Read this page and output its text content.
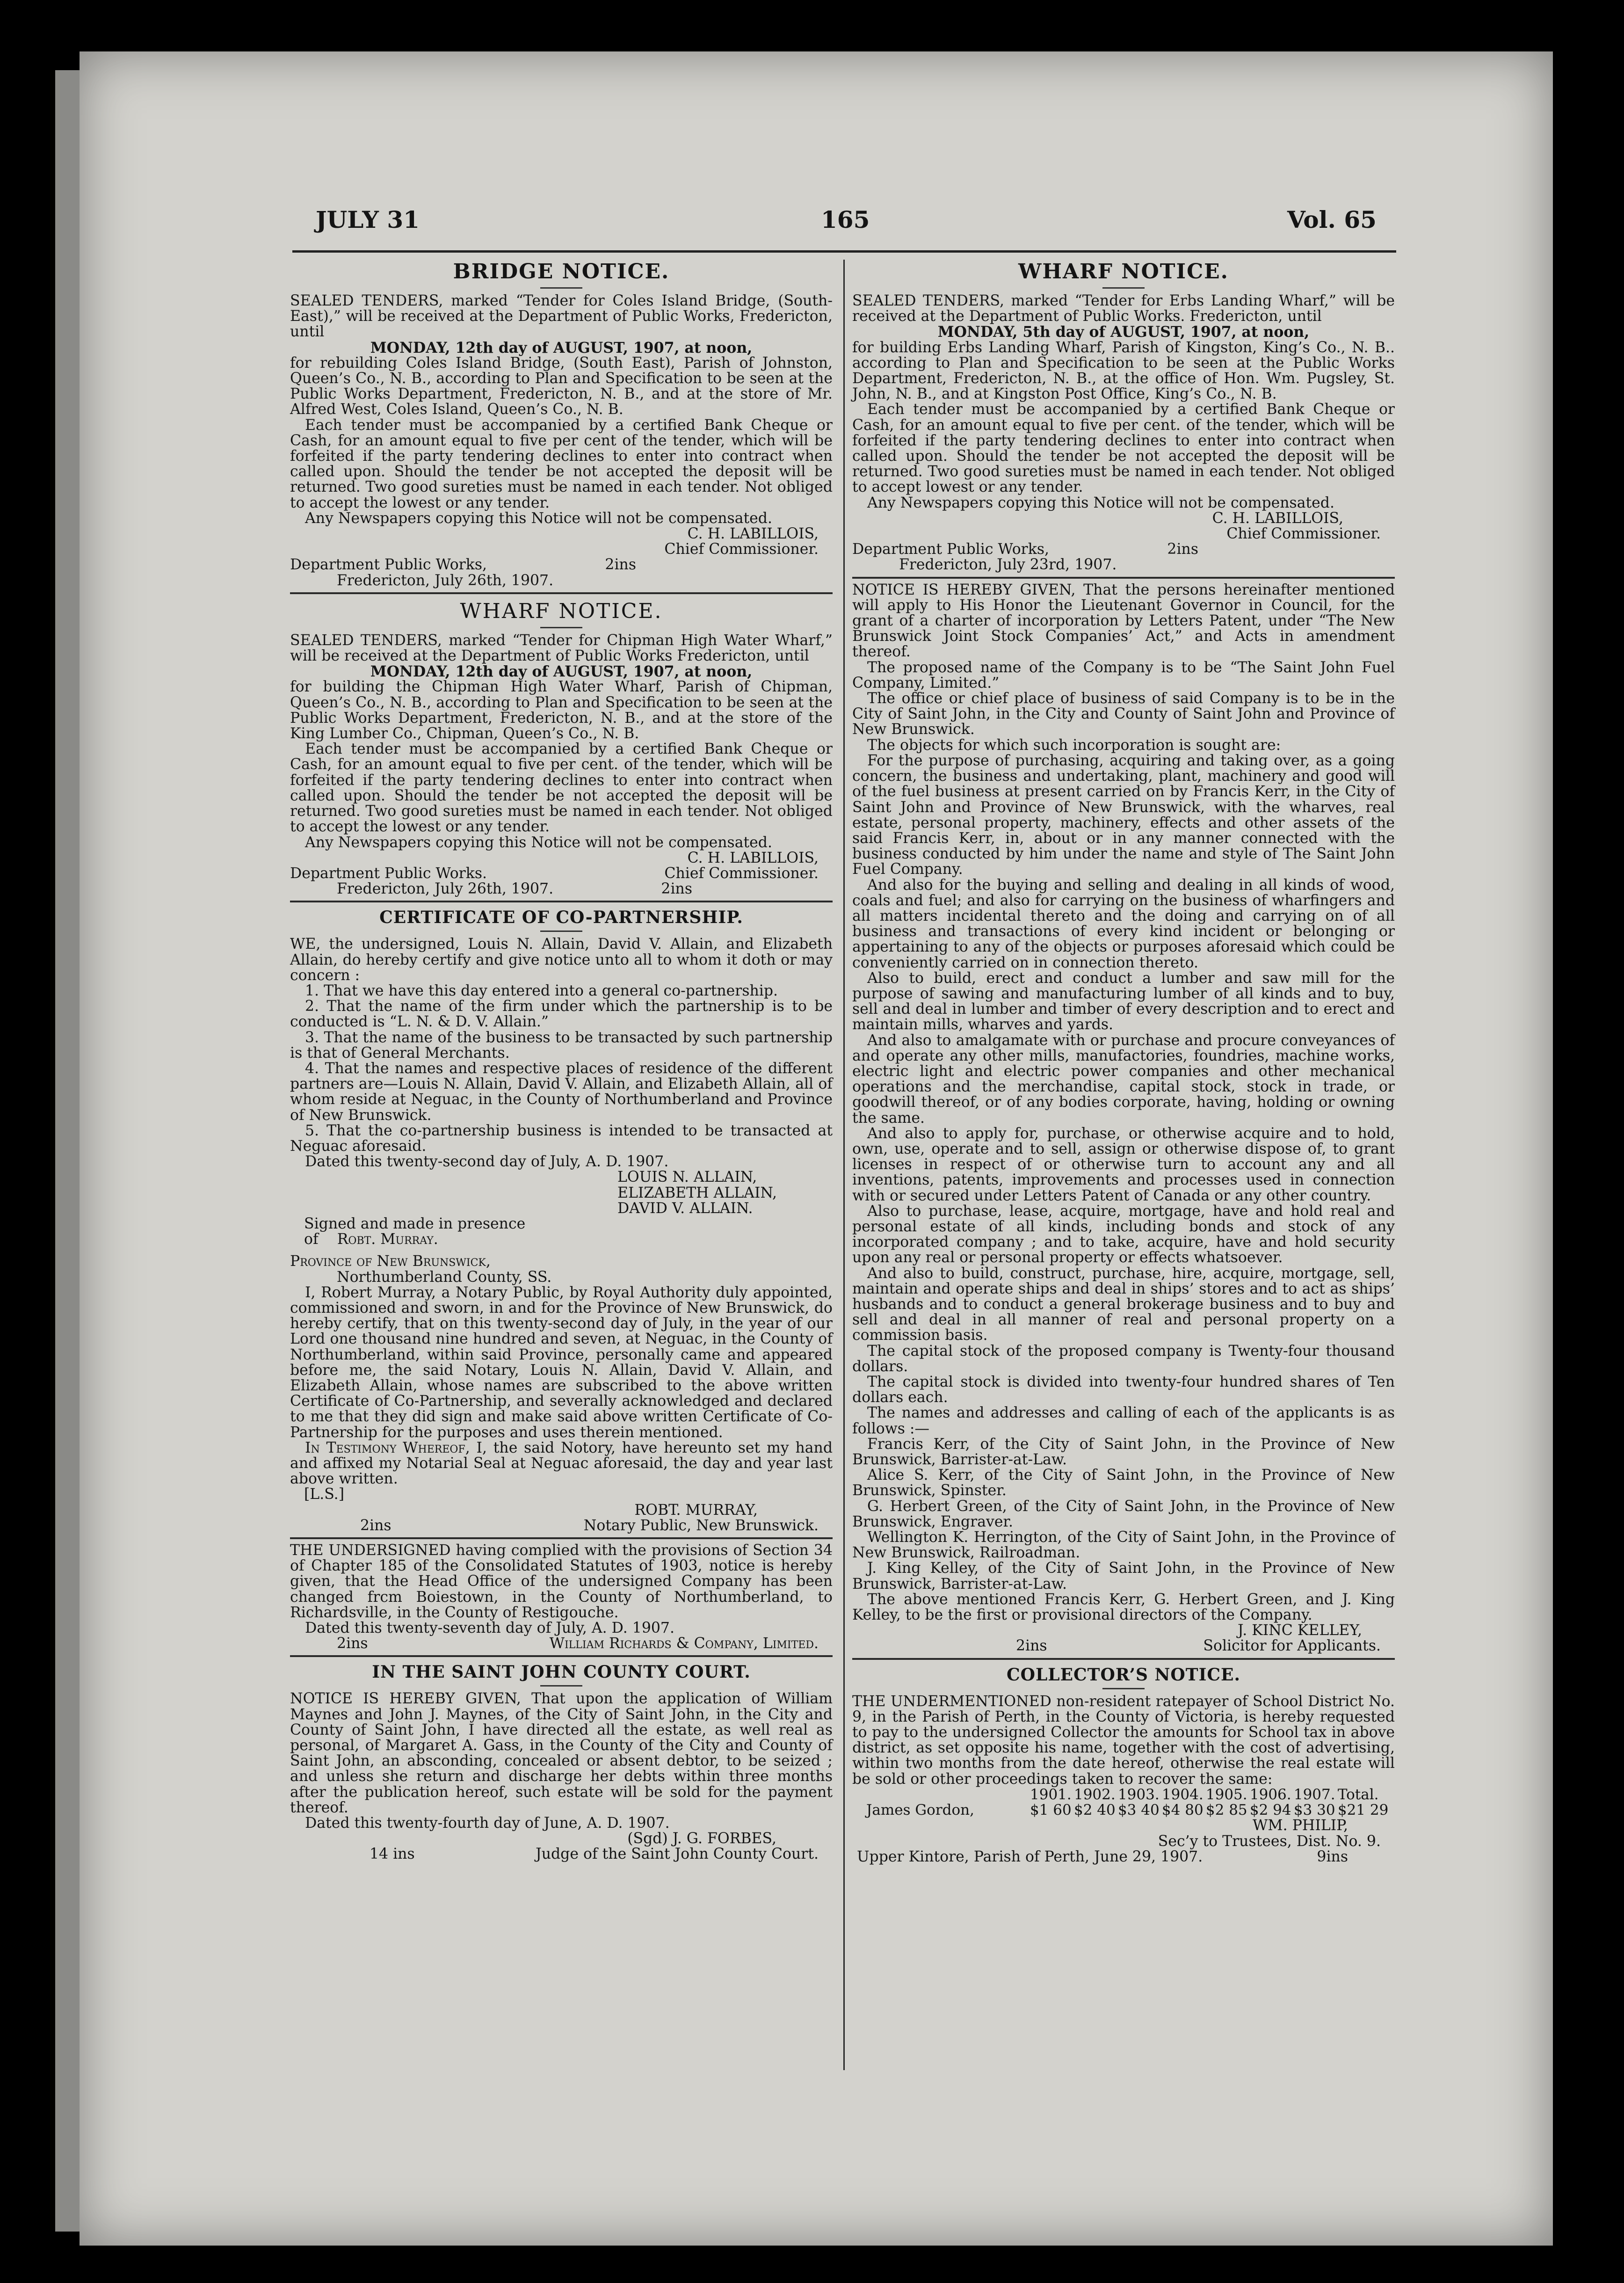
JULY 31	165	Vol. 65

BRIDGE NOTICE.

SEALED TENDERS, marked “Tender for Coles Island Bridge, (South-East),” will be received at the Department of Public Works, Fredericton, until

MONDAY, 12th day of AUGUST, 1907, at noon,

for rebuilding Coles Island Bridge, (South East), Parish of Johnston, Queen’s Co., N. B., according to Plan and Specification to be seen at the Public Works Department, Fredericton, N. B., and at the store of Mr. Alfred West, Coles Island, Queen’s Co., N. B.

Each tender must be accompanied by a certified Bank Cheque or Cash, for an amount equal to five per cent of the tender, which will be forfeited if the party tendering declines to enter into contract when called upon. Should the tender be not accepted the deposit will be returned. Two good sureties must be named in each tender. Not obliged to accept the lowest or any tender.

Any Newspapers copying this Notice will not be compensated.

C. H. LABILLOIS,

Chief Commissioner.

Department Public Works,	2ins

Fredericton, July 26th, 1907.

WHARF NOTICE.

SEALED TENDERS, marked “Tender for Chipman High Water Wharf,” will be received at the Department of Public Works Fredericton, until

MONDAY, 12th day of AUGUST, 1907, at noon,

for building the Chipman High Water Wharf, Parish of Chipman, Queen’s Co., N. B., according to Plan and Specification to be seen at the Public Works Department, Fredericton, N. B., and at the store of the King Lumber Co., Chipman, Queen’s Co., N. B.

Each tender must be accompanied by a certified Bank Cheque or Cash, for an amount equal to five per cent. of the tender, which will be forfeited if the party tendering declines to enter into contract when called upon. Should the tender be not accepted the deposit will be returned. Two good sureties must be named in each tender. Not obliged to accept the lowest or any tender.

Any Newspapers copying this Notice will not be compensated.

C. H. LABILLOIS,

Department Public Works.	Chief Commissioner.
Fredericton, July 26th, 1907.	2ins

CERTIFICATE OF CO-PARTNERSHIP.

WE, the undersigned, Louis N. Allain, David V. Allain, and Elizabeth Allain, do hereby certify and give notice unto all to whom it doth or may concern :

1. That we have this day entered into a general co-partnership.

2. That the name of the firm under which the partnership is to be conducted is “L. N. & D. V. Allain.”

3. That the name of the business to be transacted by such partnership is that of General Merchants.

4. That the names and respective places of residence of the different partners are—Louis N. Allain, David V. Allain, and Elizabeth Allain, all of whom reside at Neguac, in the County of Northumberland and Province of New Brunswick.

5. That the co-partnership business is intended to be transacted at Neguac aforesaid.

Dated this twenty-second day of July, A. D. 1907.

LOUIS N. ALLAIN,

ELIZABETH ALLAIN,

DAVID V. ALLAIN.

Signed and made in presence

of Robt. Murray.

Province of New Brunswick,

Northumberland County, SS.

I, Robert Murray, a Notary Public, by Royal Authority duly appointed, commissioned and sworn, in and for the Province of New Brunswick, do hereby certify, that on this twenty-second day of July, in the year of our Lord one thousand nine hundred and seven, at Neguac, in the County of Northumberland, within said Province, personally came and appeared before me, the said Notary, Louis N. Allain, David V. Allain, and Elizabeth Allain, whose names are subscribed to the above written Certificate of Co-Partnership, and severally acknowledged and declared to me that they did sign and make said above written Certificate of Co-Partnership for the purposes and uses therein mentioned.

In Testimony Whereof, I, the said Notory, have hereunto set my hand and affixed my Notarial Seal at Neguac aforesaid, the day and year last above written.

[L.S.]

ROBT. MURRAY,

2ins	Notary Public, New Brunswick.

THE UNDERSIGNED having complied with the provisions of Section 34 of Chapter 185 of the Consolidated Statutes of 1903, notice is hereby given, that the Head Office of the undersigned Company has been changed frcm Boiestown, in the County of Northumberland, to Richardsville, in the County of Restigouche.

Dated this twenty-seventh day of July, A. D. 1907.

2ins	William Richards & Company, Limited.

IN THE SAINT JOHN COUNTY COURT.

NOTICE IS HEREBY GIVEN, That upon the application of William Maynes and John J. Maynes, of the City of Saint John, in the City and County of Saint John, I have directed all the estate, as well real as personal, of Margaret A. Gass, in the County of the City and County of Saint John, an absconding, concealed or absent debtor, to be seized ; and unless she return and discharge her debts within three months after the publication hereof, such estate will be sold for the payment thereof.

Dated this twenty-fourth day of June, A. D. 1907.

(Sgd) J. G. FORBES,

14 ins	Judge of the Saint John County Court.

WHARF NOTICE.

SEALED TENDERS, marked “Tender for Erbs Landing Wharf,” will be received at the Department of Public Works. Fredericton, until

MONDAY, 5th day of AUGUST, 1907, at noon,

for building Erbs Landing Wharf, Parish of Kingston, King’s Co., N. B.. according to Plan and Specification to be seen at the Public Works Department, Fredericton, N. B., at the office of Hon. Wm. Pugsley, St. John, N. B., and at Kingston Post Office, King’s Co., N. B.

Each tender must be accompanied by a certified Bank Cheque or Cash, for an amount equal to five per cent. of the tender, which will be forfeited if the party tendering declines to enter into contract when called upon. Should the tender be not accepted the deposit will be returned. Two good sureties must be named in each tender. Not obliged to accept lowest or any tender.

Any Newspapers copying this Notice will not be compensated.

C. H. LABILLOIS,

Chief Commissioner.

Department Public Works,	2ins

Fredericton, July 23rd, 1907.

NOTICE IS HEREBY GIVEN, That the persons hereinafter mentioned will apply to His Honor the Lieutenant Governor in Council, for the grant of a charter of incorporation by Letters Patent, under “The New Brunswick Joint Stock Companies’ Act,” and Acts in amendment thereof.

The proposed name of the Company is to be “The Saint John Fuel Company, Limited.”

The office or chief place of business of said Company is to be in the City of Saint John, in the City and County of Saint John and Province of New Brunswick.

The objects for which such incorporation is sought are:

For the purpose of purchasing, acquiring and taking over, as a going concern, the business and undertaking, plant, machinery and good will of the fuel business at present carried on by Francis Kerr, in the City of Saint John and Province of New Brunswick, with the wharves, real estate, personal property, machinery, effects and other assets of the said Francis Kerr, in, about or in any manner connected with the business conducted by him under the name and style of The Saint John Fuel Company.

And also for the buying and selling and dealing in all kinds of wood, coals and fuel; and also for carrying on the business of wharfingers and all matters incidental thereto and the doing and carrying on of all business and transactions of every kind incident or belonging or appertaining to any of the objects or purposes aforesaid which could be conveniently carried on in connection thereto.

Also to build, erect and conduct a lumber and saw mill for the purpose of sawing and manufacturing lumber of all kinds and to buy, sell and deal in lumber and timber of every description and to erect and maintain mills, wharves and yards.

And also to amalgamate with or purchase and procure conveyances of and operate any other mills, manufactories, foundries, machine works, electric light and electric power companies and other mechanical operations and the merchandise, capital stock, stock in trade, or goodwill thereof, or of any bodies corporate, having, holding or owning the same.

And also to apply for, purchase, or otherwise acquire and to hold, own, use, operate and to sell, assign or otherwise dispose of, to grant licenses in respect of or otherwise turn to account any and all inventions, patents, improvements and processes used in connection with or secured under Letters Patent of Canada or any other country.

Also to purchase, lease, acquire, mortgage, have and hold real and personal estate of all kinds, including bonds and stock of any incorporated company ; and to take, acquire, have and hold security upon any real or personal property or effects whatsoever.

And also to build, construct, purchase, hire, acquire, mortgage, sell, maintain and operate ships and deal in ships’ stores and to act as ships’ husbands and to conduct a general brokerage business and to buy and sell and deal in all manner of real and personal property on a commission basis.

The capital stock of the proposed company is Twenty-four thousand dollars.

The capital stock is divided into twenty-four hundred shares of Ten dollars each.

The names and addresses and calling of each of the applicants is as follows :—

Francis Kerr, of the City of Saint John, in the Province of New Brunswick, Barrister-at-Law.

Alice S. Kerr, of the City of Saint John, in the Province of New Brunswick, Spinster.

G. Herbert Green, of the City of Saint John, in the Province of New Brunswick, Engraver.

Wellington K. Herrington, of the City of Saint John, in the Province of New Brunswick, Railroadman.

J. King Kelley, of the City of Saint John, in the Province of New Brunswick, Barrister-at-Law.

The above mentioned Francis Kerr, G. Herbert Green, and J. King Kelley, to be the first or provisional directors of the Company.

J. KINC KELLEY,

2ins	Solicitor for Applicants.

COLLECTOR’S NOTICE.

THE UNDERMENTIONED non-resident ratepayer of School District No. 9, in the Parish of Perth, in the County of Victoria, is hereby requested to pay to the undersigned Collector the amounts for School tax in above district, as set opposite his name, together with the cost of advertising, within two months from the date hereof, otherwise the real estate will be sold or other proceedings taken to recover the same:

1901. 1902. 1903. 1904. 1905. 1906. 1907. Total.
James Gordon,	$1 60 $2 40 $3 40 $4 80 $2 85 $2 94 $3 30 $21 29

WM. PHILIP,

Sec’y to Trustees, Dist. No. 9.

Upper Kintore, Parish of Perth, June 29, 1907.	9ins
